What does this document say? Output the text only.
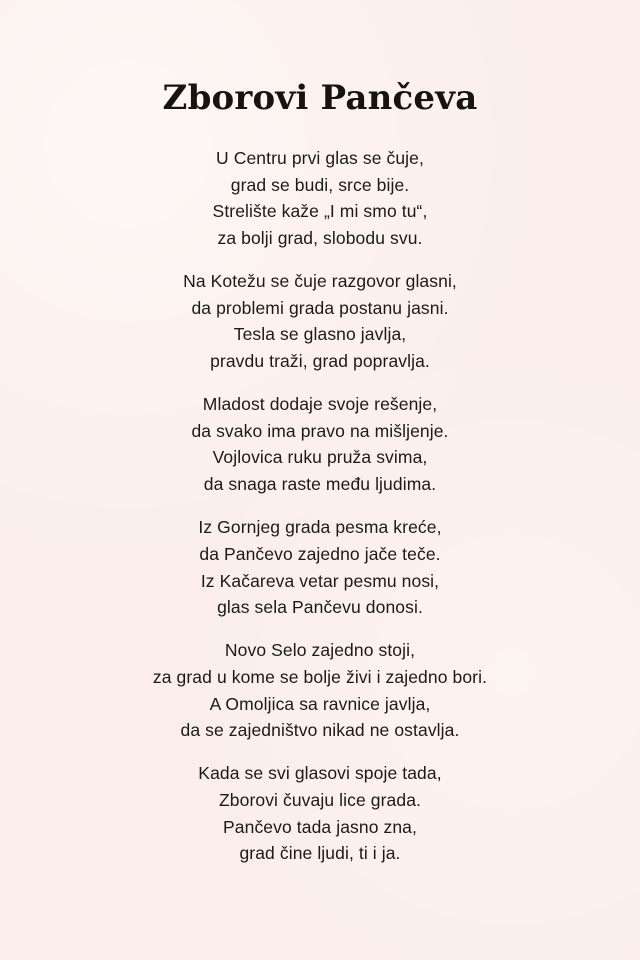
Zborovi Pančeva
U Centru prvi glas se čuje,
grad se budi, srce bije.
Strelište kaže „I mi smo tu“,
za bolji grad, slobodu svu.
Na Kotežu se čuje razgovor glasni,
da problemi grada postanu jasni.
Tesla se glasno javlja,
pravdu traži, grad popravlja.
Mladost dodaje svoje rešenje,
da svako ima pravo na mišljenje.
Vojlovica ruku pruža svima,
da snaga raste među ljudima.
Iz Gornjeg grada pesma kreće,
da Pančevo zajedno jače teče.
Iz Kačareva vetar pesmu nosi,
glas sela Pančevu donosi.
Novo Selo zajedno stoji,
za grad u kome se bolje živi i zajedno bori.
A Omoljica sa ravnice javlja,
da se zajedništvo nikad ne ostavlja.
Kada se svi glasovi spoje tada,
Zborovi čuvaju lice grada.
Pančevo tada jasno zna,
grad čine ljudi, ti i ja.
